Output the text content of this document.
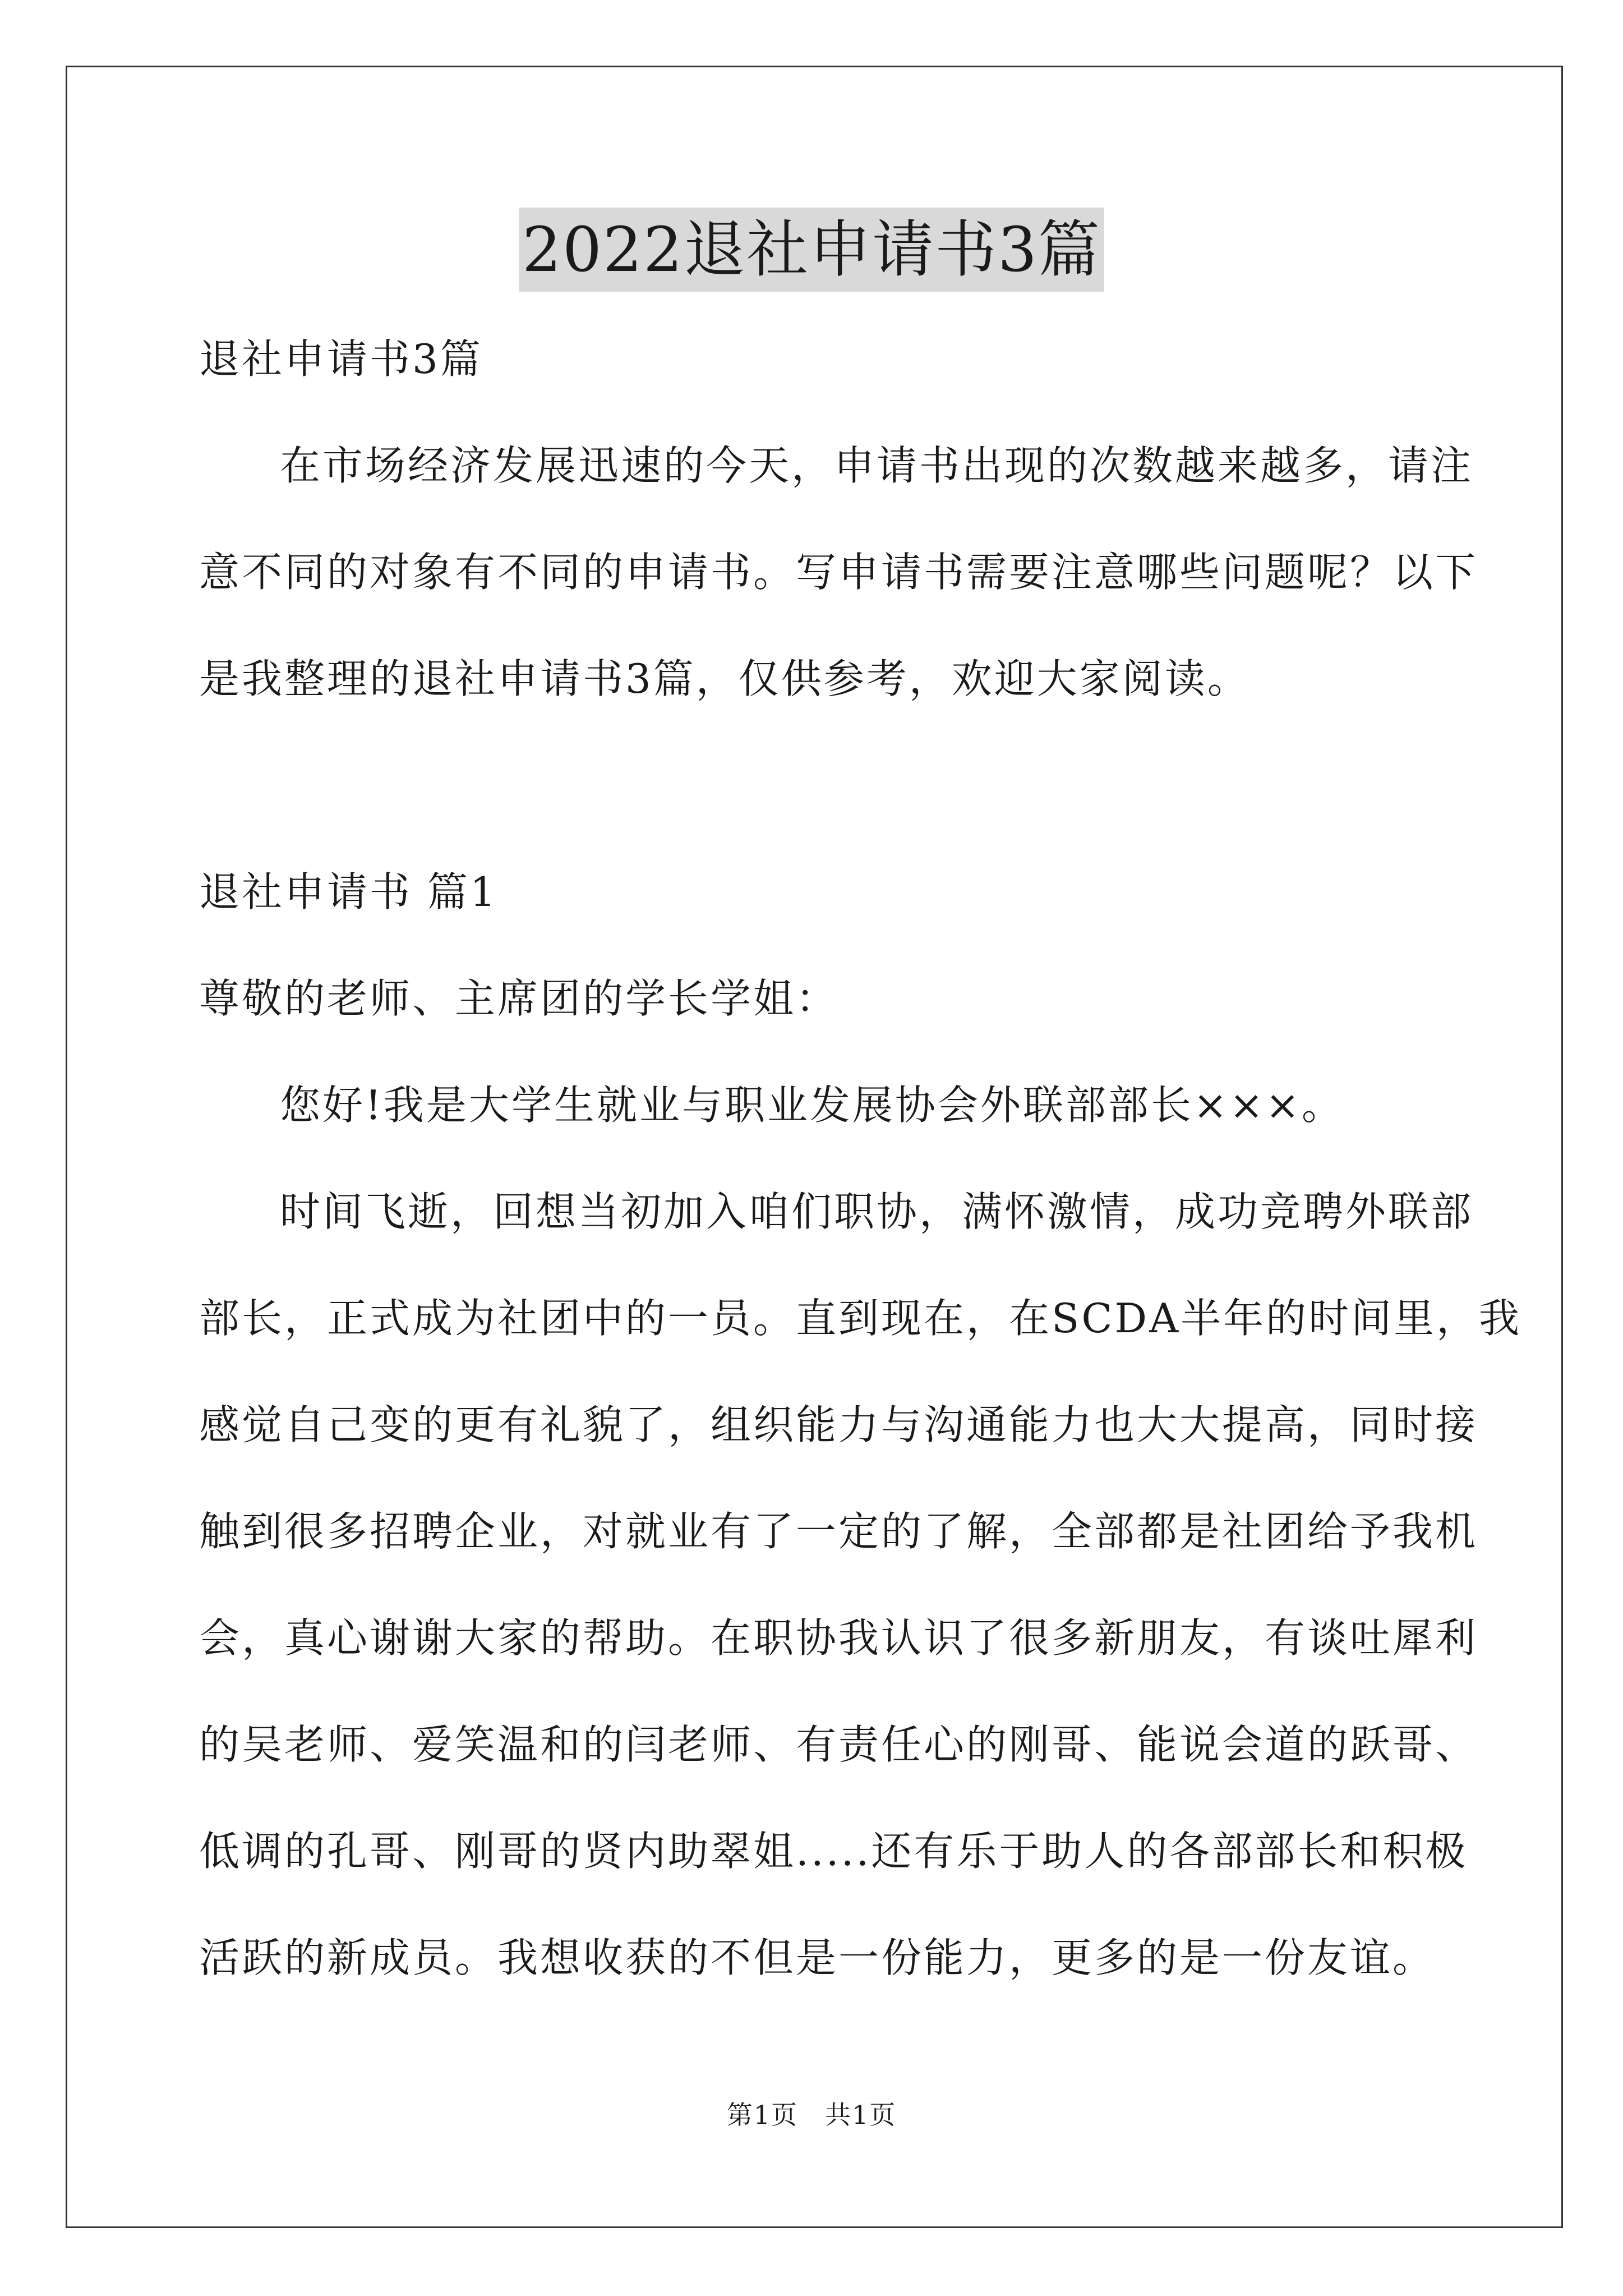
2022退社申请书3篇
退社申请书3篇
在市场经济发展迅速的今天，申请书出现的次数越来越多，请注
意不同的对象有不同的申请书。写申请书需要注意哪些问题呢？以下
是我整理的退社申请书3篇，仅供参考，欢迎大家阅读。
退社申请书 篇1
尊敬的老师、主席团的学长学姐：
您好!我是大学生就业与职业发展协会外联部部长×××。
时间飞逝，回想当初加入咱们职协，满怀激情，成功竞聘外联部
部长，正式成为社团中的一员。直到现在，在SCDA半年的时间里，我
感觉自己变的更有礼貌了，组织能力与沟通能力也大大提高，同时接
触到很多招聘企业，对就业有了一定的了解，全部都是社团给予我机
会，真心谢谢大家的帮助。在职协我认识了很多新朋友，有谈吐犀利
的吴老师、爱笑温和的闫老师、有责任心的刚哥、能说会道的跃哥、
低调的孔哥、刚哥的贤内助翠姐.....还有乐于助人的各部部长和积极
活跃的新成员。我想收获的不但是一份能力，更多的是一份友谊。
第1页　共1页
